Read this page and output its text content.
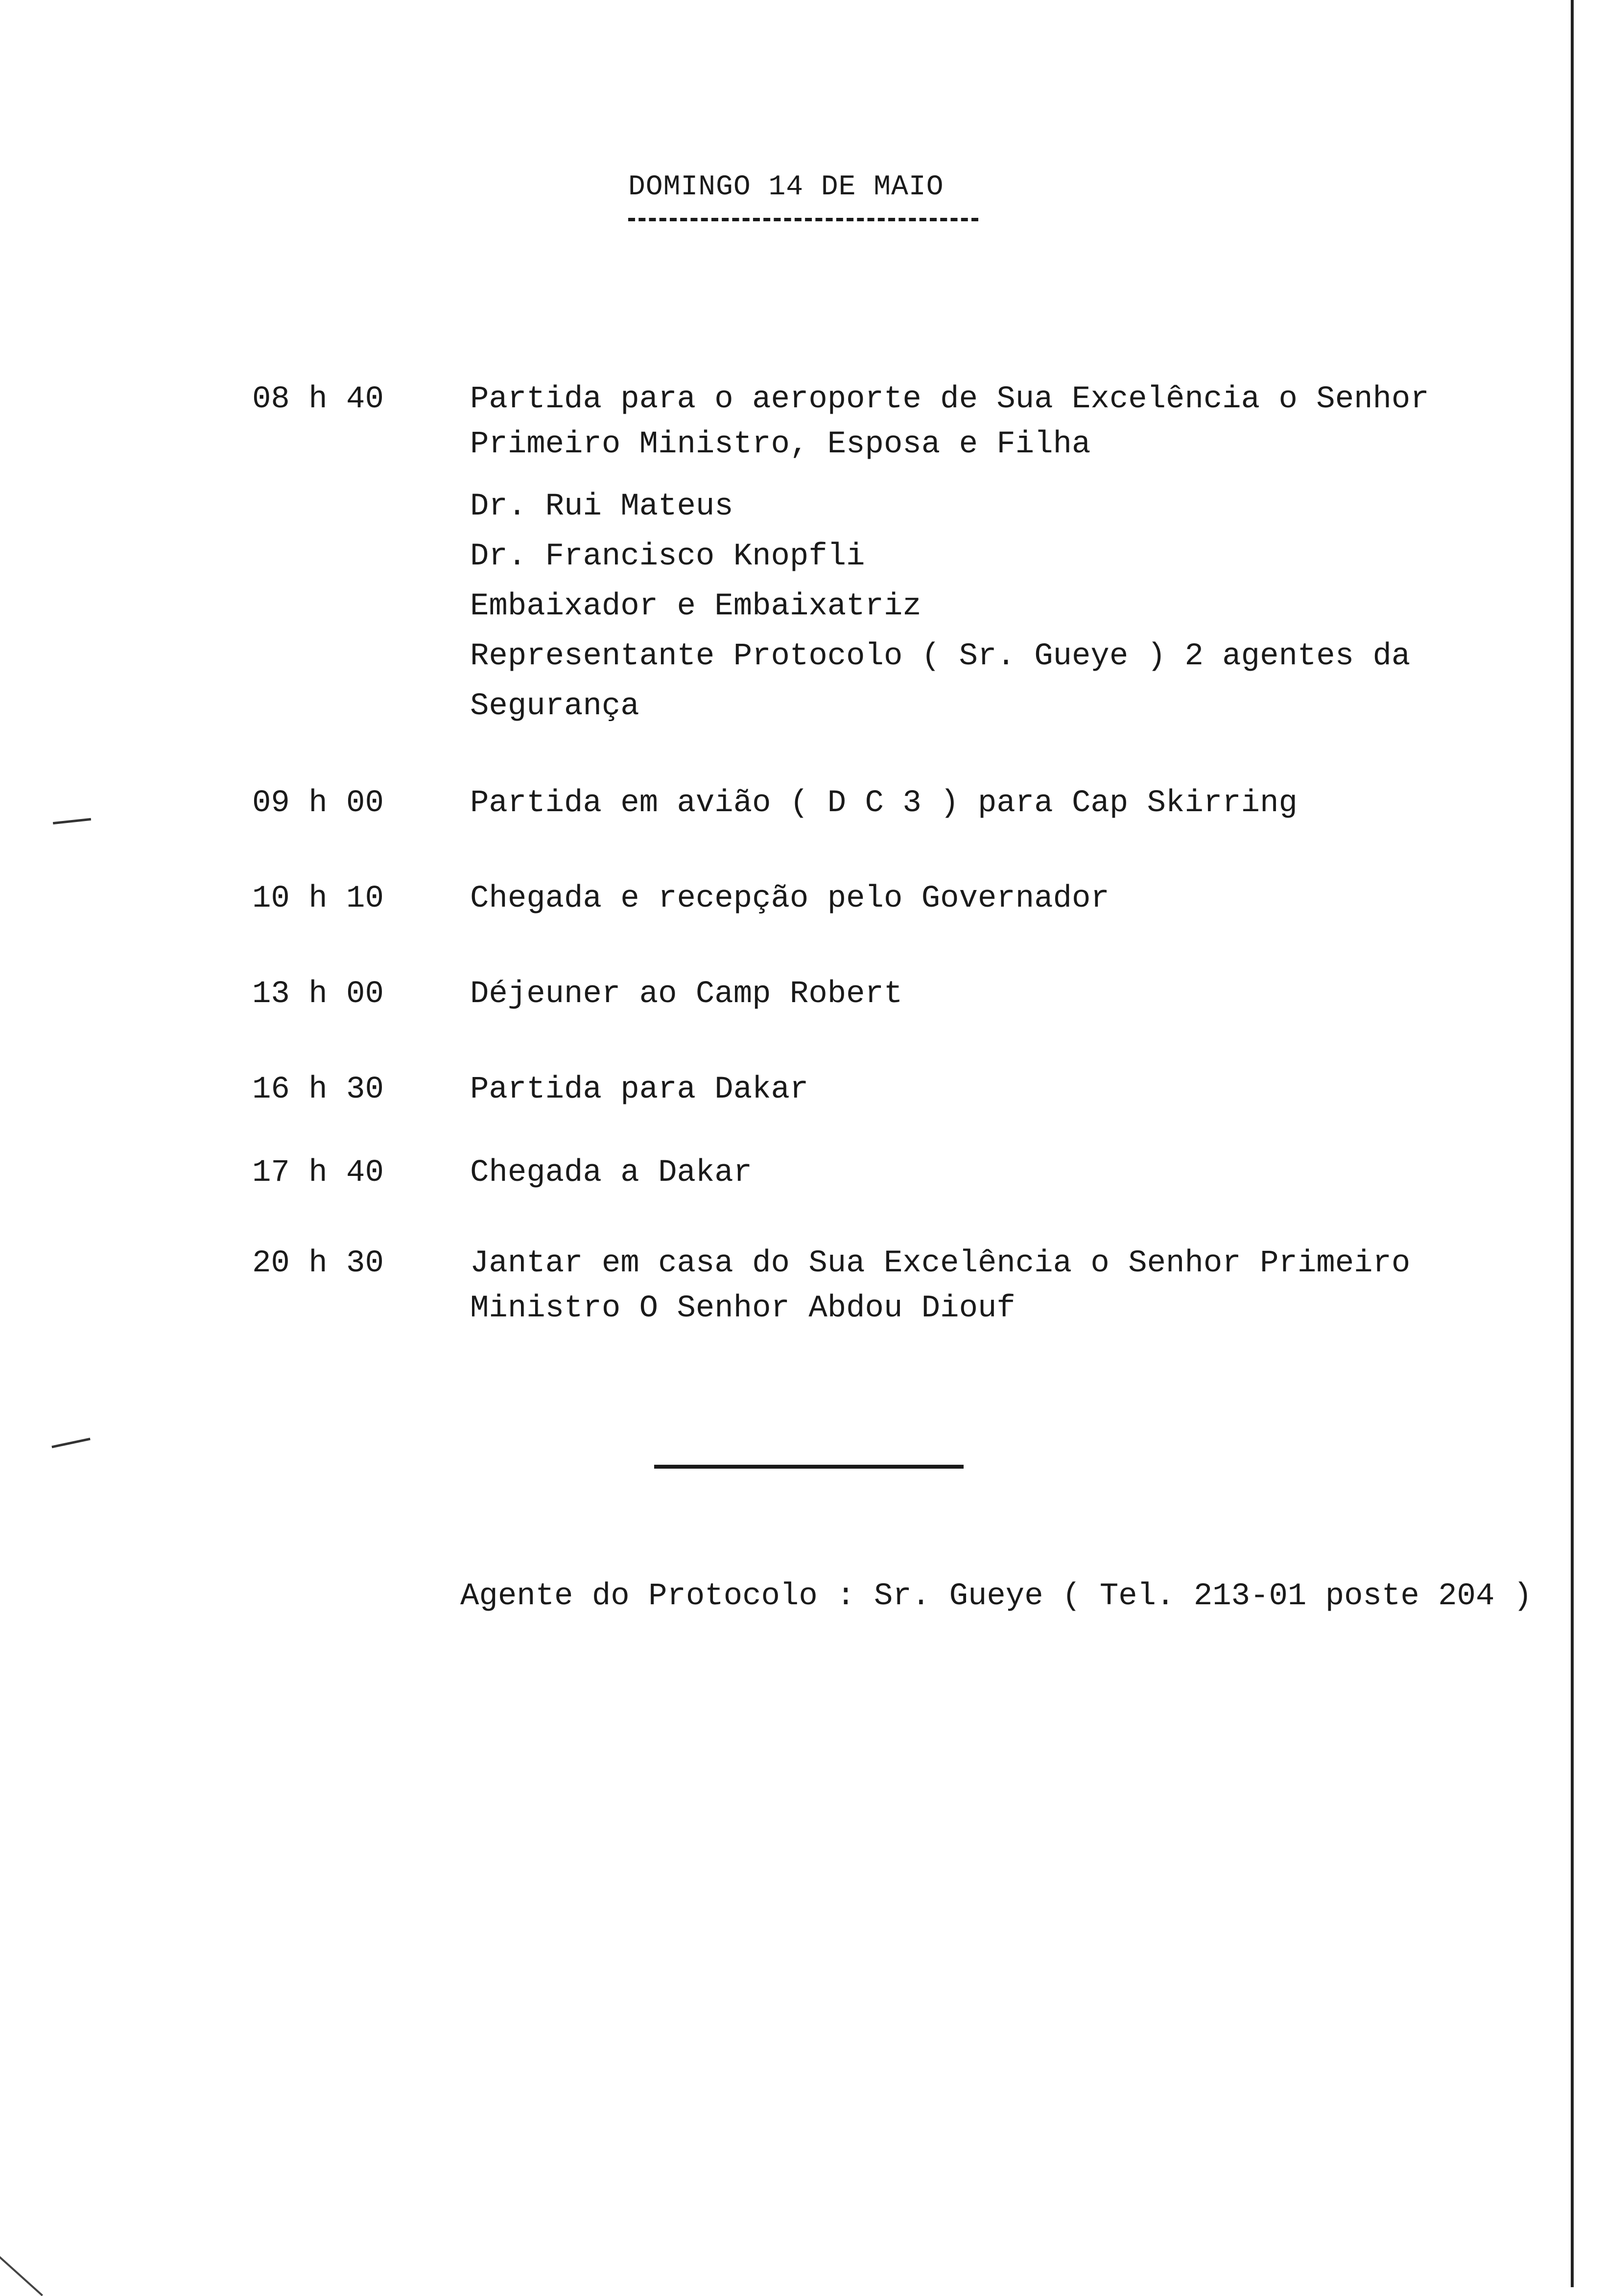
DOMINGO 14 DE MAIO
08 h 40	Partida para o aeroporte de Sua Excelência o Senhor
Primeiro Ministro, Esposa e Filha
Dr. Rui Mateus
Dr. Francisco Knopfli
Embaixador e Embaixatriz
Representante Protocolo ( Sr. Gueye ) 2 agentes da
Segurança
09 h 00	Partida em avião ( D C 3 ) para Cap Skirring
10 h 10	Chegada e recepção pelo Governador
13 h 00	Déjeuner ao Camp Robert
16 h 30	Partida para Dakar
17 h 40	Chegada a Dakar
20 h 30	Jantar em casa do Sua Excelência o Senhor Primeiro
Ministro O Senhor Abdou Diouf
Agente do Protocolo : Sr. Gueye ( Tel. 213-01 poste 204 )
